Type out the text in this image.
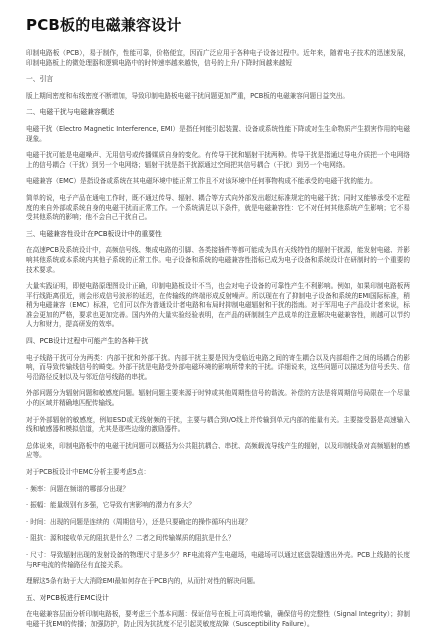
PCB板的电磁兼容设计
印制电路板（PCB），易于制作，性能可靠，价格便宜，因而广泛应用于各种电子设备过程中。近年来，随着电子技术的迅速发展，印制电路板上的微处理器和逻辑电路中的时钟速率越来越快，信号的上升/下降时间越来越短
一、引言
版上期间密度和布线密度不断增加，导致印制电路板电磁干扰问题更加严重，PCB板的电磁兼容问题日益突出。
二、电磁干扰与电磁兼容概述
电磁干扰（Electro Magnetic Interference, EMI）是指任何能引起装置、设备或系统性能下降或对生生命物质产生损害作用的电磁现象。
电磁干扰可能是电磁噪声、无用信号或传播媒质自身的变化。有传导干扰和辐射干扰两种。传导干扰是指通过导电介质把一个电网络上的信号耦合（干扰）到另一个电网络；辐射干扰是指干扰源通过空间把其信号耦合（干扰）到另一个电网络。
电磁兼容（EMC）是指设备或系统在其电磁环境中能正常工作且不对该环境中任何事物构成不能承受的电磁干扰的能力。
简单的说，电子产品在通电工作时，既不通过传导、辐射、耦合等方式向外部发出超过标准规定的电磁干扰；同时又能够承受不定程度的来自外部或系统自身的电磁干扰而正常工作。一个系统满足以下条件，就是电磁兼容性：它不对任何其他系统产生影响；它不易受其他系统的影响；他不会自己干扰自己。
三、电磁兼容性设计在PCB板设计中的重要性
在高速PCB及系统设计中，高频信号线、集成电路的引脚、各类接插件等都可能成为具有天线特性的辐射干扰源，能发射电磁、并影响其他系统或本系统内其他子系统的正常工作。电子设备和系统的电磁兼容性指标已成为电子设备和系统设计在研制时的一个重要的技术要求。
大量实践证明，即便电路原理图设计正确，印制电路板设计不当，也会对电子设备的可靠性产生不利影响。例如，如果印制电路板两平行线距离很近，则会形成信号波形的延迟，在传输线的终端形成反射噪声。所以现在有了抑制电子设备和系统的EMI国际标准，稍稍为电磁兼容（EMC）标准，它们可以作为普通设计者电路和布局时抑制电磁辐射和干扰的指南。对于军用电子产品设计者来说，标准会更加的严格，要求也更加完善。国内外的大量实验经验表明，在产品的研制制生产总成单的注意解决电磁兼容性，则越可以节约人力和财力，提高研发的效率。
四、PCB设计过程中可能产生的各种干扰
电子线路干扰可分为两类：内部干扰和外部干扰。内部干扰主要是因为受临近电路之间的寄生耦合以及内部组件之间的场耦合的影响，而导致传输线信号的畸变。外部干扰是电路受外部电磁环境的影响所带来的干扰。详细说来，这些问题可以描述为信号丢失、信号沿路径反射以及与邻近信号线路的串扰。
外部问题分为辐射问题和敏感度问题。辐射问题主要来源于时钟或其他周期性信号的谐波。补偿的方法是将周期信号局限在一个尽量小的区域并精确地匹配传输线。
对于外部辐射的敏感度，例如ESD或无线射频的干扰，主要与耦合到I/O线上并传输到单元内部的能量有关。主要接受器是高速输入线和敏感器和模拟信道，尤其是那些边缘的激励器件。
总体说来，印制电路板中的电磁干扰问题可以概括为公共阻抗耦合、串扰、高频载流导线产生的辐射，以及印制线条对高频辐射的感应等。
对于PCB板设计中EMC分析主要考虑5点：
· 频率：问题在频谱的哪部分出现？
· 振幅：能量级别有多强，它导致有害影响的潜力有多大？
· 时间：出现的问题是连续的（周期信号），还是只要确定的操作循环内出现？
· 阻抗：源和接收单元的阻抗是什么？二者之间传输媒质的阻抗是什么？
· 尺寸：导致辐射出现的发射设备的物理尺寸是多少？RF电流将产生电磁场，电磁场可以通过底盘裂缝透出外壳。PCB上线路的长度与RF电流的传输路径有直接关系。
理解这5条有助于大大消除EMI最如何存在于PCB内的，从而针对性的解决问题。
五、对PCB板进行EMC设计
在电磁兼容层面分析印制电路板，要考虑三个基本问题：保证信号在板上可高地传输，确保信号的完整性（Signal Integrity）；抑制电磁干扰EMI的传播；加强防护，防止因为抗扰度不足引起灵敏度故障（Susceptibility Failure）。
